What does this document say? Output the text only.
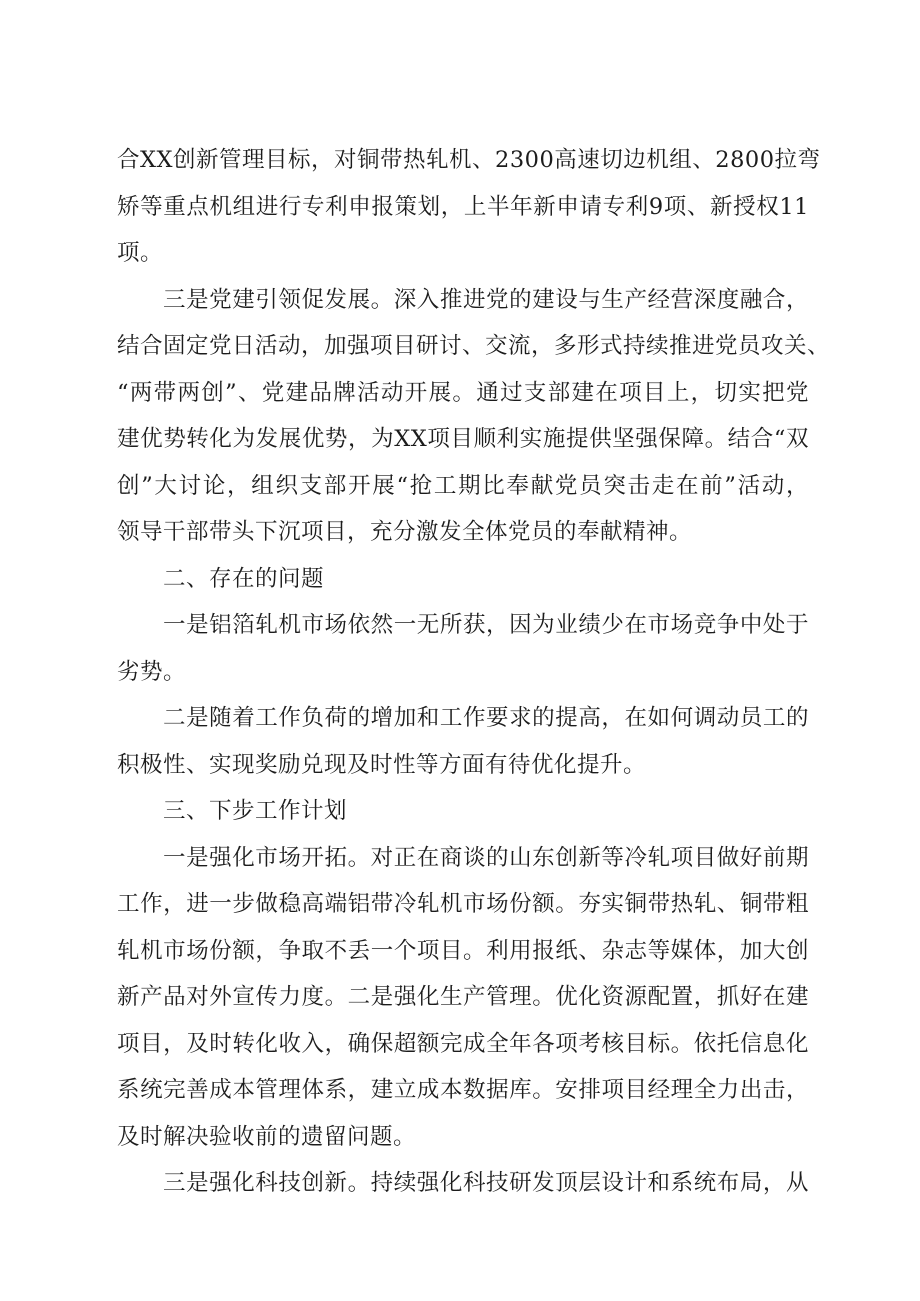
合XX创新管理目标，对铜带热轧机、2300高速切边机组、2800拉弯
矫等重点机组进行专利申报策划，上半年新申请专利9项、新授权11
项。
三是党建引领促发展。深入推进党的建设与生产经营深度融合，
结合固定党日活动，加强项目研讨、交流，多形式持续推进党员攻关、
“两带两创”、党建品牌活动开展。通过支部建在项目上，切实把党
建优势转化为发展优势，为XX项目顺利实施提供坚强保障。结合“双
创”大讨论，组织支部开展“抢工期比奉献党员突击走在前”活动，
领导干部带头下沉项目，充分激发全体党员的奉献精神。
二、存在的问题
一是铝箔轧机市场依然一无所获，因为业绩少在市场竞争中处于
劣势。
二是随着工作负荷的增加和工作要求的提高，在如何调动员工的
积极性、实现奖励兑现及时性等方面有待优化提升。
三、下步工作计划
一是强化市场开拓。对正在商谈的山东创新等冷轧项目做好前期
工作，进一步做稳高端铝带冷轧机市场份额。夯实铜带热轧、铜带粗
轧机市场份额，争取不丢一个项目。利用报纸、杂志等媒体，加大创
新产品对外宣传力度。二是强化生产管理。优化资源配置，抓好在建
项目，及时转化收入，确保超额完成全年各项考核目标。依托信息化
系统完善成本管理体系，建立成本数据库。安排项目经理全力出击，
及时解决验收前的遗留问题。
三是强化科技创新。持续强化科技研发顶层设计和系统布局，从
